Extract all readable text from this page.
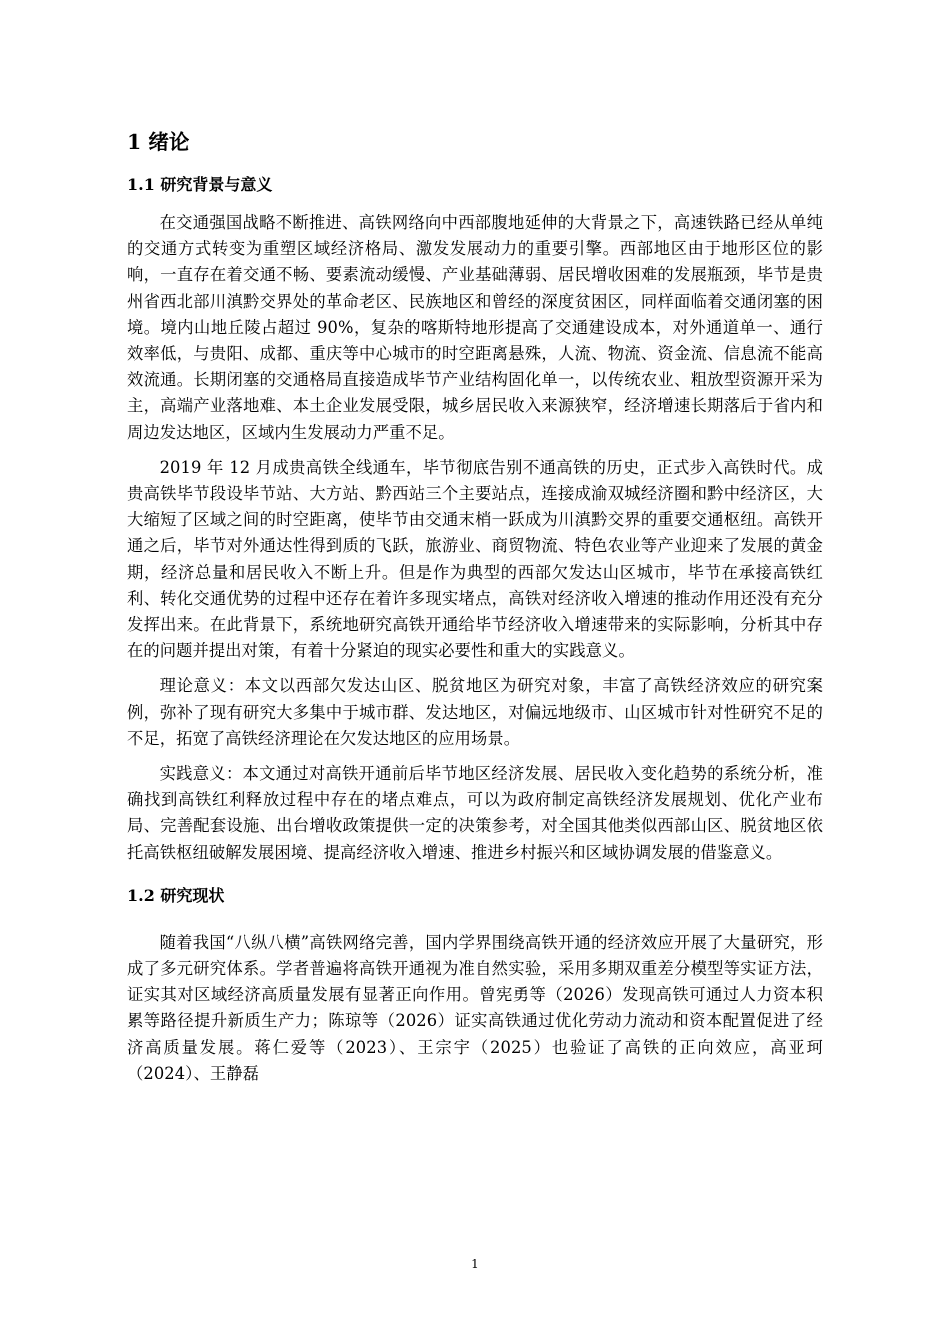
1 绪论
1.1 研究背景与意义

在交通强国战略不断推进、高铁网络向中西部腹地延伸的大背景之下，高速铁路已经从单纯的交通方式转变为重塑区域经济格局、激发发展动力的重要引擎。西部地区由于地形区位的影响，一直存在着交通不畅、要素流动缓慢、产业基础薄弱、居民增收困难的发展瓶颈，毕节是贵州省西北部川滇黔交界处的革命老区、民族地区和曾经的深度贫困区，同样面临着交通闭塞的困境。境内山地丘陵占超过 90%，复杂的喀斯特地形提高了交通建设成本，对外通道单一、通行效率低，与贵阳、成都、重庆等中心城市的时空距离悬殊，人流、物流、资金流、信息流不能高效流通。长期闭塞的交通格局直接造成毕节产业结构固化单一，以传统农业、粗放型资源开采为主，高端产业落地难、本土企业发展受限，城乡居民收入来源狭窄，经济增速长期落后于省内和周边发达地区，区域内生发展动力严重不足。

2019 年 12 月成贵高铁全线通车，毕节彻底告别不通高铁的历史，正式步入高铁时代。成贵高铁毕节段设毕节站、大方站、黔西站三个主要站点，连接成渝双城经济圈和黔中经济区，大大缩短了区域之间的时空距离，使毕节由交通末梢一跃成为川滇黔交界的重要交通枢纽。高铁开通之后，毕节对外通达性得到质的飞跃，旅游业、商贸物流、特色农业等产业迎来了发展的黄金期，经济总量和居民收入不断上升。但是作为典型的西部欠发达山区城市，毕节在承接高铁红利、转化交通优势的过程中还存在着许多现实堵点，高铁对经济收入增速的推动作用还没有充分发挥出来。在此背景下，系统地研究高铁开通给毕节经济收入增速带来的实际影响，分析其中存在的问题并提出对策，有着十分紧迫的现实必要性和重大的实践意义。

理论意义：本文以西部欠发达山区、脱贫地区为研究对象，丰富了高铁经济效应的研究案例，弥补了现有研究大多集中于城市群、发达地区，对偏远地级市、山区城市针对性研究不足的不足，拓宽了高铁经济理论在欠发达地区的应用场景。

实践意义：本文通过对高铁开通前后毕节地区经济发展、居民收入变化趋势的系统分析，准确找到高铁红利释放过程中存在的堵点难点，可以为政府制定高铁经济发展规划、优化产业布局、完善配套设施、出台增收政策提供一定的决策参考，对全国其他类似西部山区、脱贫地区依托高铁枢纽破解发展困境、提高经济收入增速、推进乡村振兴和区域协调发展的借鉴意义。

1.2 研究现状

随着我国“八纵八横”高铁网络完善，国内学界围绕高铁开通的经济效应开展了大量研究，形成了多元研究体系。学者普遍将高铁开通视为准自然实验，采用多期双重差分模型等实证方法，证实其对区域经济高质量发展有显著正向作用。曾宪勇等（2026）发现高铁可通过人力资本积累等路径提升新质生产力；陈琼等（2026）证实高铁通过优化劳动力流动和资本配置促进了经济高质量发展。蒋仁爱等（2023）、王宗宇（2025）也验证了高铁的正向效应，高亚珂（2024）、王静磊

1
